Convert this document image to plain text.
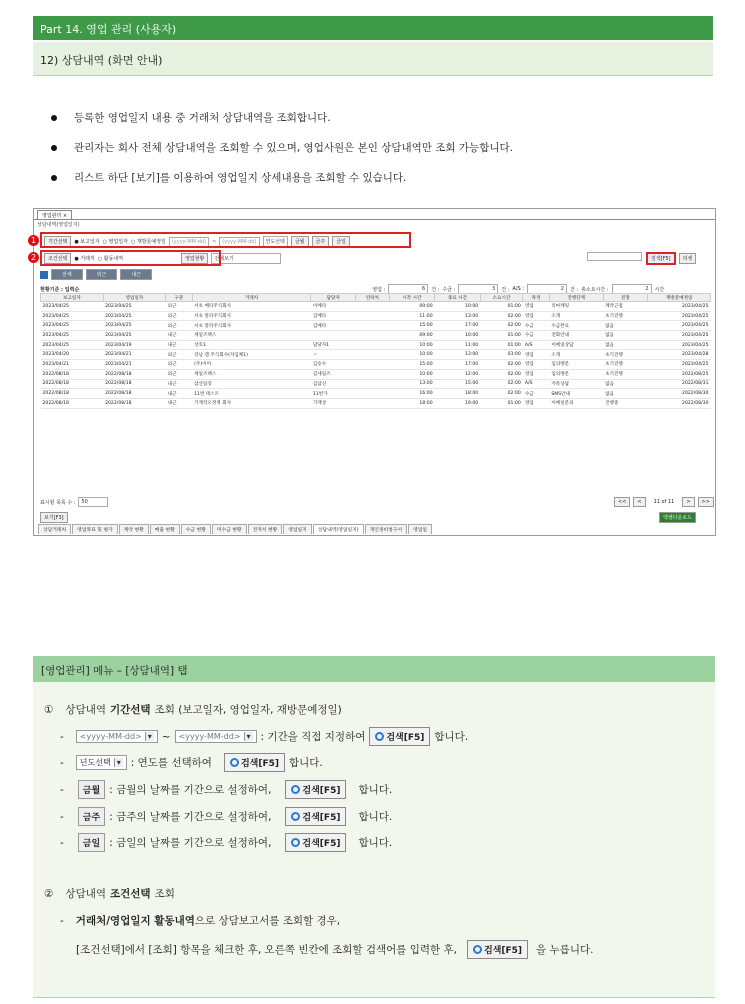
Part 14. 영업 관리 (사용자)
12) 상담내역 (화면 안내)
등록한 영업일지 내용 중 거래처 상담내역을 조회합니다.
관리자는 회사 전체 상담내역을 조회할 수 있으며, 영업사원은 본인 상담내역만 조회 가능합니다.
리스트 하단 [보기]를 이용하여 영업일지 상세내용을 조회할 수 있습니다.
영업관리 ×
상담내역(영업일지)
기간선택	● 보고일자 ○ 영업일자 ○ 재방문예정일	(yyyy-MM-dd)	~	(yyyy-MM-dd)	연도선택	금월	금주	금일
1
조건선택	● 거래처 ○ 활동내역	영업현황	전체보기
2	검색[F5]	리셋
전체	외근	내근
현황기준 : 입력순	영업 :	6	건 : 수금 :	3	건 : A/S :	2	건 : 총소요시간 :	2	시간
보고일자	영업일자	구분	거래처	담당자	연락처	시작 시간	종료 시간	소요시간	목적	진행단계	전망	재방문예정일
2023/04/25	2023/04/25	외근	서초 베타주식회사	이베타		09:00	10:00	01:00	영업	리마케팅	계약근접	2023/04/25
2023/04/25	2023/04/25	외근	서초 알파주식회사	김베타		11:00	13:00	02:00	영업	소개	초기진행	2023/04/25
2023/04/25	2023/04/25	외근	서초 알파주식회사	김베타		15:00	17:00	02:00	수금	수금완료	없음	2023/04/25
2023/04/25	2023/04/25	내근	세일즈랙스			09:00	10:00	01:00	수금	전화안내	없음	2023/04/25
2023/04/25	2023/04/19	내근	상호1	담당자1		10:00	11:00	01:00	A/S	이메일상담	없음	2023/04/25
2023/04/20	2023/04/21	외근	강남 갬 주식회사(자입체1)	ㅅ		10:00	13:00	03:00	영업	소개	초기진행	2023/04/28
2023/04/21	2023/04/21	외근	(주)이미	김승수		15:00	17:00	02:00	영업	임의방문	초기진행	2023/04/25
2022/08/18	2022/08/18	외근	세일즈랙스	김세일즈		10:00	12:00	02:00	영업	임의방문	초기진행	2022/08/25
2022/08/18	2022/08/18	내근	삼산팀장	김삼신		13:00	15:00	02:00	A/S	카톡상담	없음	2022/08/31
2022/08/18	2022/08/18	내근	11번 테스트	11번가		16:00	18:00	02:00	수금	SMS안내	없음	2022/08/30
2022/08/18	2022/08/18	내근	기재작오정정 회사	기재상		18:00	19:00	01:00	영업	이메일문의	진행중	2022/08/30
표시할 목록 수 :	50	<<	<	11 of 11	>	>>
보기[F3]	엑셀다운로드
상담거래처 영업목표 및 평가 계약 현황 매출 현황 수금 현황 미수금 현황 견적서 현황 영업일지 상담내역(영업일지) 개인경비청구서 영업일
[영업관리] 메뉴 – [상담내역] 탭
① 상담내역 기간선택 조회 (보고일자, 영업일자, 재방문예정일)
- <yyyy-MM-dd> ▾ ~ <yyyy-MM-dd> ▾ : 기간을 직접 지정하여 검색[F5] 합니다.
- 년도선택 ▾ : 연도를 선택하여	검색[F5] 합니다.
-	금월 : 금월의 날짜를 기간으로 설정하여,	검색[F5] 합니다.
-	금주 : 금주의 날짜를 기간으로 설정하여,	검색[F5] 합니다.
-	금일 : 금일의 날짜를 기간으로 설정하여,	검색[F5] 합니다.
② 상담내역 조건선택 조회
- 거래처/영업일지 활동내역 으로 상담보고서를 조회할 경우,
[조건선택]에서 [조회] 항목을 체크한 후, 오른쪽 빈칸에 조회할 검색어를 입력한 후,	검색[F5] 을 누릅니다.
